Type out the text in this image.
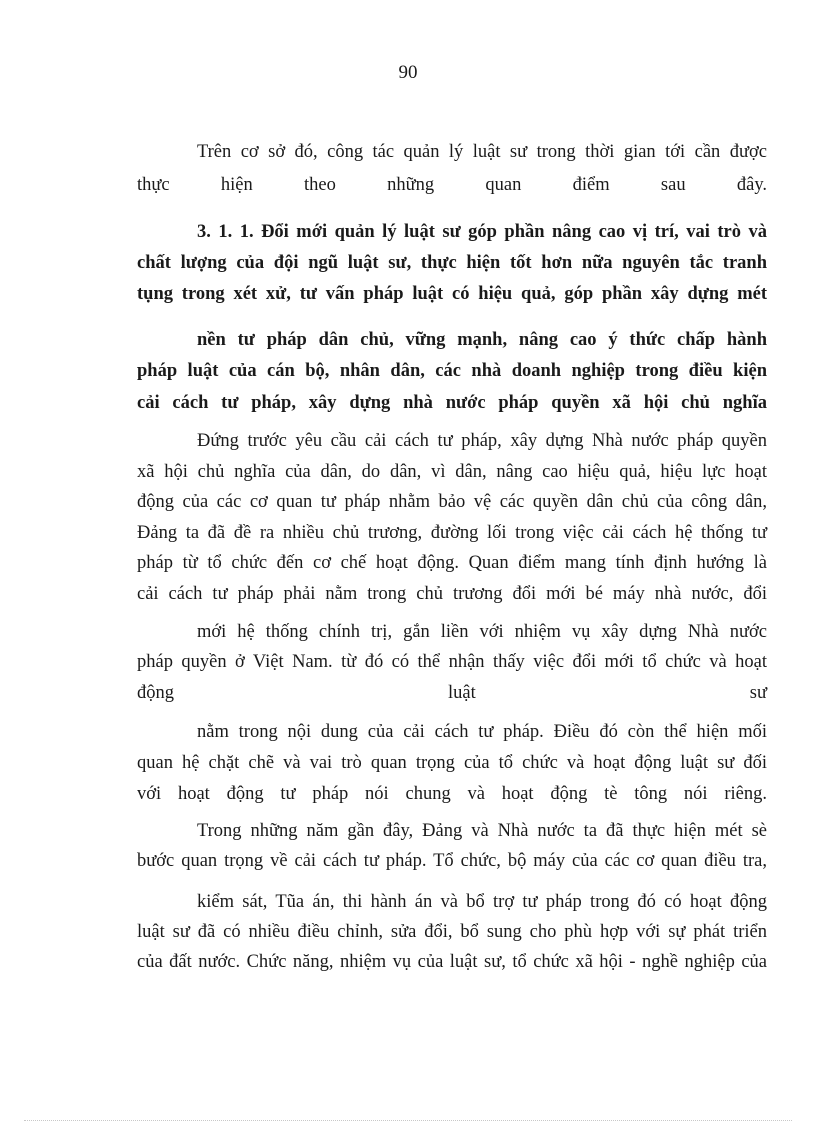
90
Trên cơ sở đó, công tác quản lý luật sư trong thời gian tới cần được
thực hiện theo những quan điểm sau đây.
3. 1. 1. Đổi mới quản lý luật sư góp phần nâng cao vị trí, vai trò và
chất lượng của đội ngũ luật sư, thực hiện tốt hơn nữa nguyên tắc tranh
tụng trong xét xử, tư vấn pháp luật có hiệu quả, góp phần xây dựng mét
nền tư pháp dân chủ, vững mạnh, nâng cao ý thức chấp hành
pháp luật của cán bộ, nhân dân, các nhà doanh nghiệp trong điều kiện
cải cách tư pháp, xây dựng nhà nước pháp quyền xã hội chủ nghĩa
Đứng trước yêu cầu cải cách tư pháp, xây dựng Nhà nước pháp quyền
xã hội chủ nghĩa của dân, do dân, vì dân, nâng cao hiệu quả, hiệu lực hoạt
động của các cơ quan tư pháp nhằm bảo vệ các quyền dân chủ của công dân,
Đảng ta đã đề ra nhiều chủ trương, đường lối trong việc cải cách hệ thống tư
pháp từ tổ chức đến cơ chế hoạt động. Quan điểm mang tính định hướng là
cải cách tư pháp phải nằm trong chủ trương đổi mới bé máy nhà nước, đổi
mới hệ thống chính trị, gắn liền với nhiệm vụ xây dựng Nhà nước
pháp quyền ở Việt Nam. từ đó có thể nhận thấy việc đổi mới tổ chức và hoạt
động luật sư
nằm trong nội dung của cải cách tư pháp. Điều đó còn thể hiện mối
quan hệ chặt chẽ và vai trò quan trọng của tổ chức và hoạt động luật sư đối
với hoạt động tư pháp nói chung và hoạt động tè tông nói riêng.
Trong những năm gần đây, Đảng và Nhà nước ta đã thực hiện mét sè
bước quan trọng về cải cách tư pháp. Tổ chức, bộ máy của các cơ quan điều tra,
kiểm sát, Tũa án, thi hành án và bổ trợ tư pháp trong đó có hoạt động
luật sư đã có nhiều điều chỉnh, sửa đổi, bổ sung cho phù hợp với sự phát triển
của đất nước. Chức năng, nhiệm vụ của luật sư, tổ chức xã hội - nghề nghiệp của
